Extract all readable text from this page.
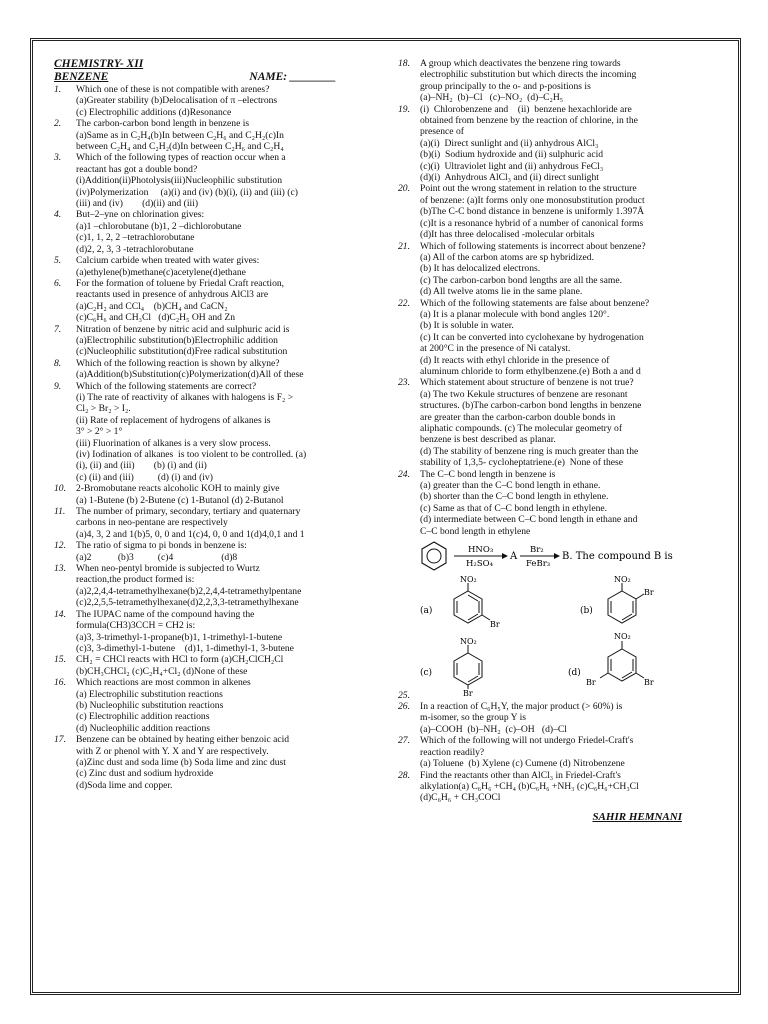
CHEMISTRY- XII
BENZENE	NAME: ________
1. Which one of these is not compatible with arenes?
(a)Greater stability (b)Delocalisation of π –electrons
(c) Electrophilic additions (d)Resonance
2. The carbon-carbon bond length in benzene is
(a)Same as in C₂H₄(b)In between C₂H₆ and C₂H₂(c)In
between C₂H₄ and C₂H₂(d)In between C₂H₆ and C₂H₄
3. Which of the following types of reaction occur when a
reactant has got a double bond?
(i)Addition(ii)Photolysis(iii)Nucleophilic substitution
(iv)Polymerization     (a)(i) and (iv) (b)(i), (ii) and (iii) (c)
(iii) and (iv)        (d)(ii) and (iii)
4. But–2–yne on chlorination gives:
(a)1 –chlorobutane (b)1, 2 –dichlorobutane
(c)1, 1, 2, 2 –tetrachlorobutane
(d)2, 2, 3, 3 -tetrachlorobutane
5. Calcium carbide when treated with water gives:
(a)ethylene(b)methane(c)acetylene(d)ethane
6. For the formation of toluene by Friedal Craft reaction,
reactants used in presence of anhydrous AlCl3 are
(a)C₂H₂ and CCl₄    (b)CH₄ and CaCN₂
(c)C₆H₆ and CH₃Cl   (d)C₂H₅ OH and Zn
7. Nitration of benzene by nitric acid and sulphuric acid is
(a)Electrophilic substitution(b)Electrophilic addition
(c)Nucleophilic substitution(d)Free radical substitution
8. Which of the following reaction is shown by alkyne?
(a)Addition(b)Substitution(c)Polymerization(d)All of these
9. Which of the following statements are correct?
(i) The rate of reactivity of alkanes with halogens is F₂ >
Cl₂ > Br₂ > I₂.
(ii) Rate of replacement of hydrogens of alkanes is
3° > 2° > 1°
(iii) Fluorination of alkanes is a very slow process.
(iv) Iodination of alkanes  is too violent to be controlled. (a)
(i), (ii) and (iii)        (b) (i) and (ii)
(c) (ii) and (iii)          (d) (i) and (iv)
10. 2-Bromobutane reacts alcoholic KOH to mainly give
(a) 1-Butene (b) 2-Butene (c) 1-Butanol (d) 2-Butanol
11. The number of primary, secondary, tertiary and quaternary
carbons in neo-pentane are respectively
(a)4, 3, 2 and 1(b)5, 0, 0 and 1(c)4, 0, 0 and 1(d)4,0,1 and 1
12. The ratio of sigma to pi bonds in benzene is:
(a)2           (b)3          (c)4                    (d)8
13. When neo-pentyl bromide is subjected to Wurtz
reaction,the product formed is:
(a)2,2,4,4-tetramethylhexane(b)2,2,4,4-tetramethylpentane
(c)2,2,5,5-tetramethylhexane(d)2,2,3,3-tetramethylhexane
14. The IUPAC name of the compound having the
formula(CH3)3CCH = CH2 is:
(a)3, 3-trimethyl-1-propane(b)1, 1-trimethyl-1-butene
(c)3, 3-dimethyl-1-butene    (d)1, 1-dimethyl-1, 3-butene
15. CH₂ = CHCl reacts with HCl to form (a)CH₂ClCH₂Cl
(b)CH₃CHCl₂ (c)C₂H₄+Cl₂ (d)None of these
16. Which reactions are most common in alkenes
(a) Electrophilic substitution reactions
(b) Nucleophilic substitution reactions
(c) Electrophilic addition reactions
(d) Nucleophilic addition reactions
17. Benzene can be obtained by heating either benzoic acid
with Z or phenol with Y. X and Y are respectively.
(a)Zinc dust and soda lime (b) Soda lime and zinc dust
(c) Zinc dust and sodium hydroxide
(d)Soda lime and copper.
18. A group which deactivates the benzene ring towards
electrophilic substitution but which directs the incoming
group principally to the o- and p-positions is
(a)–NH₂  (b)–Cl   (c)–NO₂  (d)–C₂H₅
19. (i)  Chlorobenzene and    (ii)  benzene hexachloride are
obtained from benzene by the reaction of chlorine, in the
presence of
(a)(i)  Direct sunlight and (ii) anhydrous AlCl₃
(b)(i)  Sodium hydroxide and (ii) sulphuric acid
(c)(i)  Ultraviolet light and (ii) anhydrous FeCl₃
(d)(i)  Anhydrous AlCl₃ and (ii) direct sunlight
20. Point out the wrong statement in relation to the structure
of benzene: (a)It forms only one monosubstitution product
(b)The C-C bond distance in benzene is uniformly 1.397Å
(c)It is a resonance hybrid of a number of canonical forms
(d)It has three delocalised -molecular orbitals
21. Which of following statements is incorrect about benzene?
(a) All of the carbon atoms are sp hybridized.
(b) It has delocalized electrons.
(c) The carbon-carbon bond lengths are all the same.
(d) All twelve atoms lie in the same plane.
22. Which of the following statements are false about benzene?
(a) It is a planar molecule with bond angles 120°.
(b) It is soluble in water.
(c) It can be converted into cyclohexane by hydrogenation
at 200°C in the presence of Ni catalyst.
(d) It reacts with ethyl chloride in the presence of
aluminum chloride to form ethylbenzene.(e) Both a and d
23. Which statement about structure of benzene is not true?
(a) The two Kekule structures of benzene are resonant
structures. (b)The carbon-carbon bond lengths in benzene
are greater than the carbon-carbon double bonds in
aliphatic compounds. (c) The molecular geometry of
benzene is best described as planar.
(d) The stability of benzene ring is much greater than the
stability of 1,3,5- cycloheptatriene.(e)  None of these
24. The C–C bond length in benzene is
(a) greater than the C–C bond length in ethane.
(b) shorter than the C–C bond length in ethylene.
(c) Same as that of C–C bond length in ethylene.
(d) intermediate between C–C bond length in ethane and
C–C bond length in ethylene
HNO₃
H₂SO₄
A
Br₂
FeBr₃
B. The compound B is
(a)
NO₂
Br
(b)
NO₂
Br
(c)
NO₂
Br
(d)
NO₂
Br	Br
25.
26. In a reaction of C₆H₅Y, the major product (> 60%) is
m-isomer, so the group Y is
(a)–COOH  (b)–NH₂  (c)–OH   (d)–Cl
27. Which of the following will not undergo Friedel-Craft's
reaction readily?
(a) Toluene  (b) Xylene (c) Cumene (d) Nitrobenzene
28. Find the reactants other than AlCl₃ in Friedel-Craft's
alkylation(a) C₆H₆ +CH₄ (b)C₆H₆ +NH₃ (c)C₆H₆+CH₃Cl
(d)C₆H₆ + CH₃COCl
SAHIR HEMNANI
